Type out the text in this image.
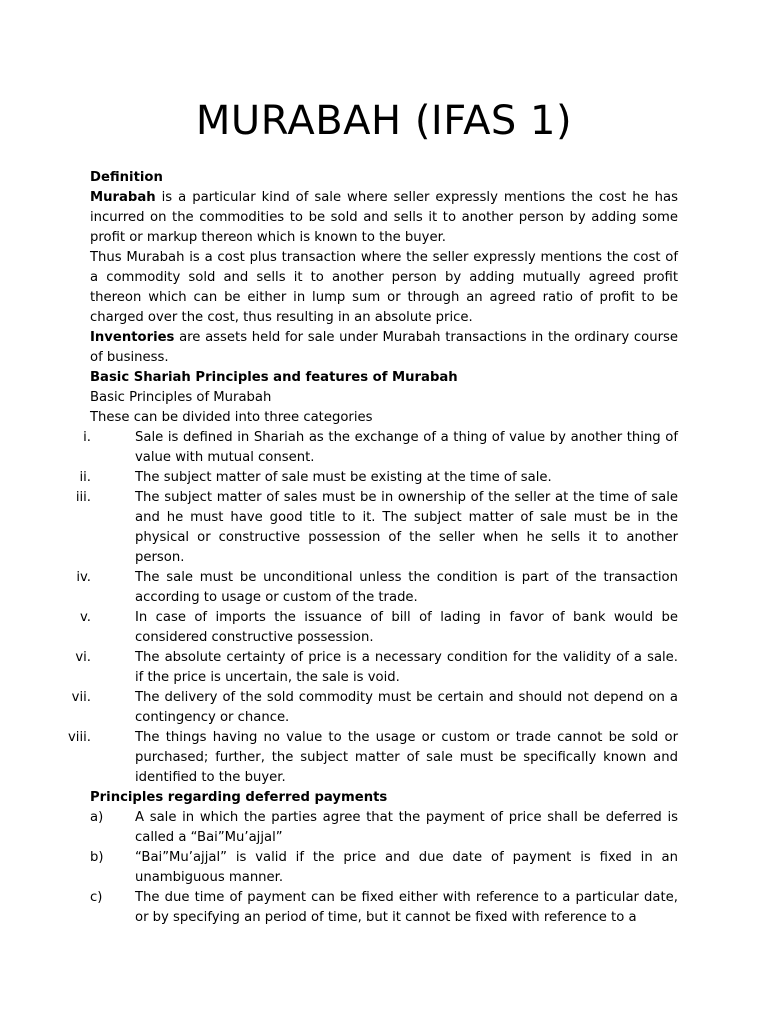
MURABAH (IFAS 1)

Definition

Murabah is a particular kind of sale where seller expressly mentions the cost he has incurred on the commodities to be sold and sells it to another person by adding some profit or markup thereon which is known to the buyer.

Thus Murabah is a cost plus transaction where the seller expressly mentions the cost of a commodity sold and sells it to another person by adding mutually agreed profit thereon which can be either in lump sum or through an agreed ratio of profit to be charged over the cost, thus resulting in an absolute price.

Inventories are assets held for sale under Murabah transactions in the ordinary course of business.

Basic Shariah Principles and features of Murabah

Basic Principles of Murabah

These can be divided into three categories

i.	Sale is defined in Shariah as the exchange of a thing of value by another thing of value with mutual consent.
ii.	The subject matter of sale must be existing at the time of sale.
iii.	The subject matter of sales must be in ownership of the seller at the time of sale and he must have good title to it. The subject matter of sale must be in the physical or constructive possession of the seller when he sells it to another person.
iv.	The sale must be unconditional unless the condition is part of the transaction according to usage or custom of the trade.
v.	In case of imports the issuance of bill of lading in favor of bank would be considered constructive possession.
vi.	The absolute certainty of price is a necessary condition for the validity of a sale. if the price is uncertain, the sale is void.
vii.	The delivery of the sold commodity must be certain and should not depend on a contingency or chance.
viii.	The things having no value to the usage or custom or trade cannot be sold or purchased; further, the subject matter of sale must be specifically known and identified to the buyer.

Principles regarding deferred payments

a)	A sale in which the parties agree that the payment of price shall be deferred is called a “Bai”Mu’ajjal”
b)	“Bai”Mu’ajjal” is valid if the price and due date of payment is fixed in an unambiguous manner.
c)	The due time of payment can be fixed either with reference to a particular date, or by specifying an period of time, but it cannot be fixed with reference to a
